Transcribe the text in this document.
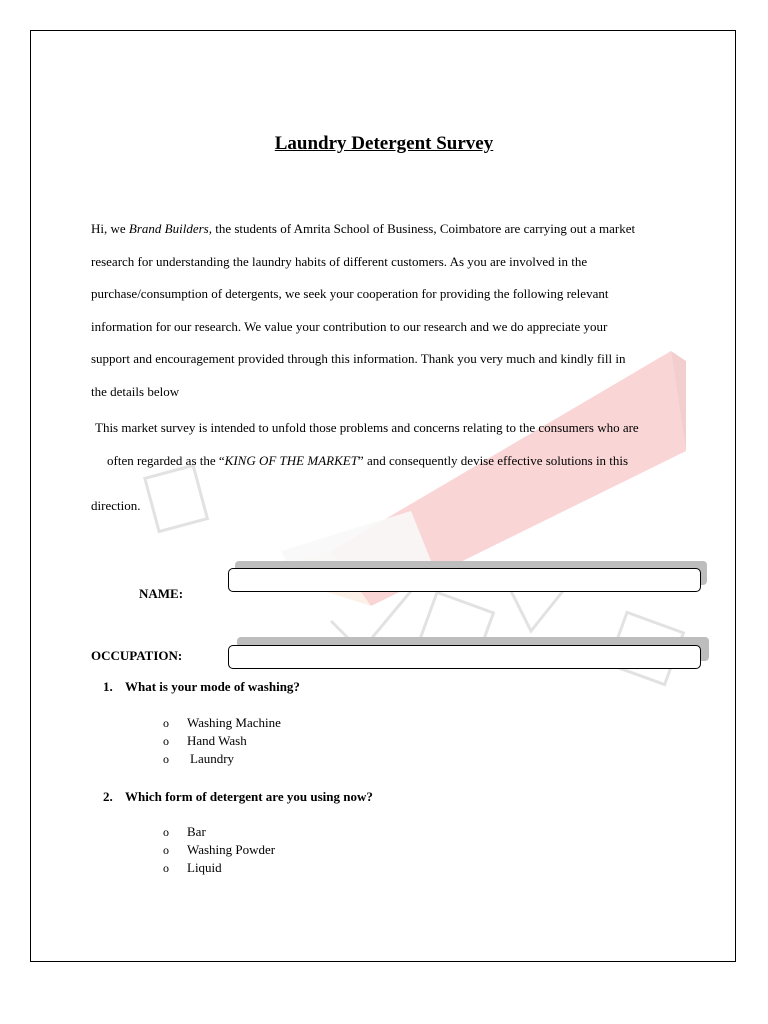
Laundry Detergent Survey
Hi, we Brand Builders, the students of Amrita School of Business, Coimbatore are carrying out a market
research for understanding the laundry habits of different customers. As you are involved in the
purchase/consumption of detergents, we seek your cooperation for providing the following relevant
information for our research. We value your contribution to our research and we do appreciate your
support and encouragement provided through this information. Thank you very much and kindly fill in
the details below
This market survey is intended to unfold those problems and concerns relating to the consumers who are
often regarded as the “KING OF THE MARKET” and consequently devise effective solutions in this
direction.
NAME:
OCCUPATION:
1. What is your mode of washing?
o	Washing Machine
o	Hand Wash
o	Laundry
2. Which form of detergent are you using now?
o	Bar
o	Washing Powder
o	Liquid
